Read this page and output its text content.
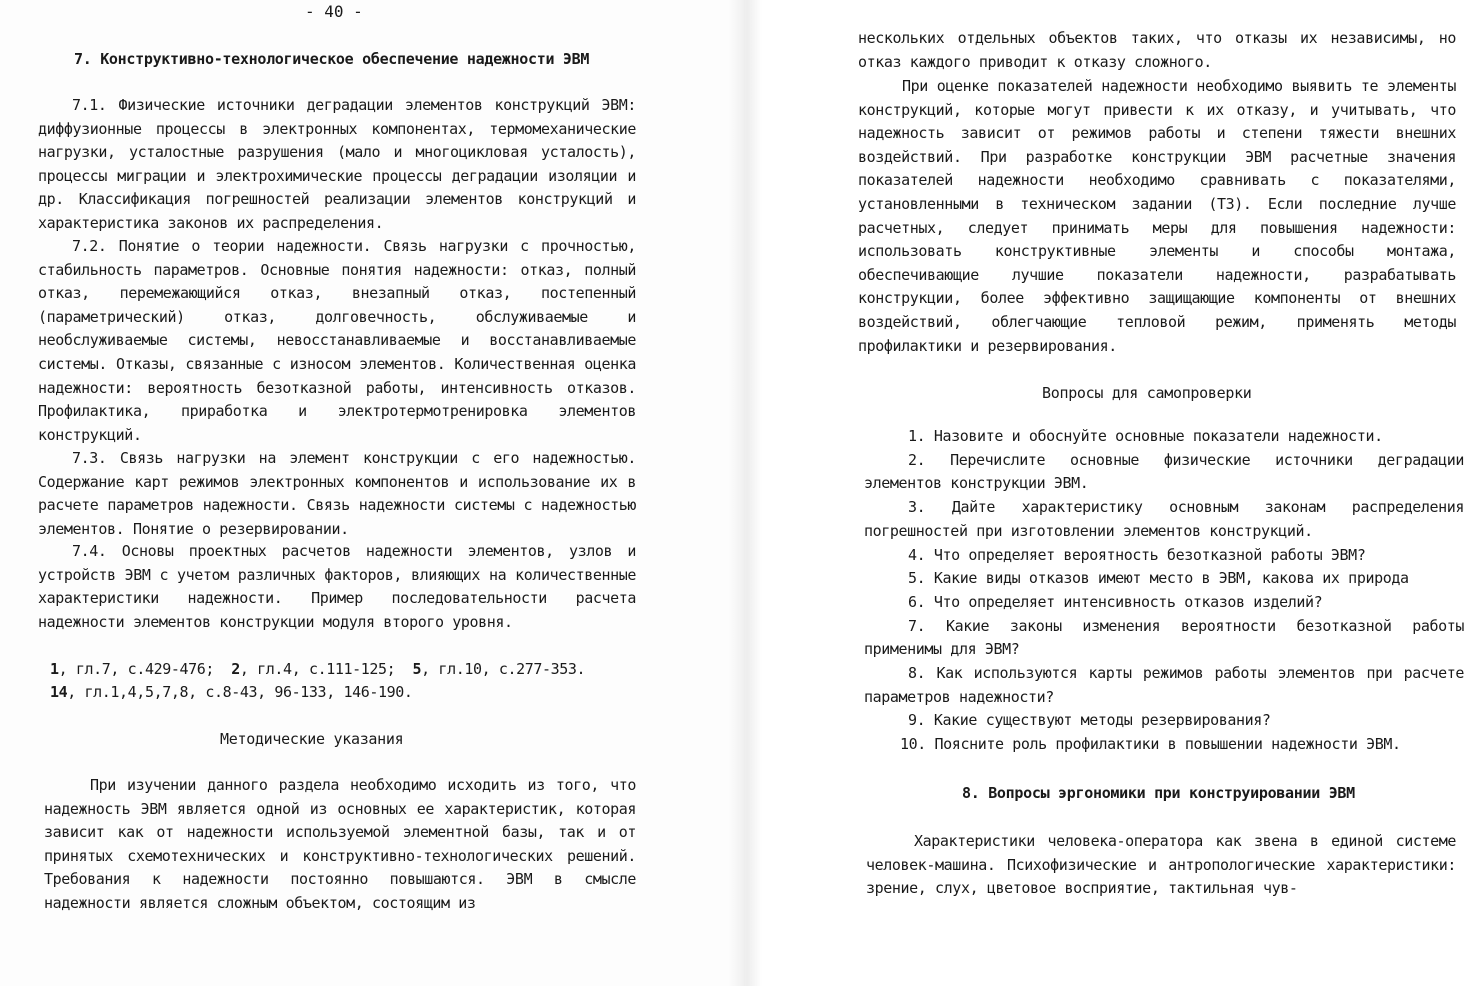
- 40 -
7. Конструктивно-технологическое обеспечение надежности ЭВМ
7.1. Физические источники деградации элементов конструкций ЭВМ: диффузионные процессы в электронных компонентах, термомеханические нагрузки, усталостные разрушения (мало и многоцикловая усталость), процессы миграции и электрохимические процессы деградации изоляции и др. Классификация погрешностей реализации элементов конструкций и характеристика законов их распределения.
7.2. Понятие о теории надежности. Связь нагрузки с прочностью, стабильность параметров. Основные понятия надежности: отказ, полный отказ, перемежающийся отказ, внезапный отказ, постепенный (параметрический) отказ, долговечность, обслуживаемые и необслуживаемые системы, невосстанавливаемые и восстанавливаемые системы. Отказы, связанные с износом элементов. Количественная оценка надежности: вероятность безотказной работы, интенсивность отказов. Профилактика, приработка и электротермотренировка элементов конструкций.
7.3. Связь нагрузки на элемент конструкции с его надежностью. Содержание карт режимов электронных компонентов и использование их в расчете параметров надежности. Связь надежности системы с надежностью элементов. Понятие о резервировании.
7.4. Основы проектных расчетов надежности элементов, узлов и устройств ЭВМ с учетом различных факторов, влияющих на количественные характеристики надежности. Пример последовательности расчета надежности элементов конструкции модуля второго уровня.
1, гл.7, с.429-476; 2, гл.4, с.111-125; 5, гл.10, с.277-353.
14, гл.1,4,5,7,8, с.8-43, 96-133, 146-190.
Методические указания
При изучении данного раздела необходимо исходить из того, что надежность ЭВМ является одной из основных ее характеристик, которая зависит как от надежности используемой элементной базы, так и от принятых схемотехнических и конструктивно-технологических решений. Требования к надежности постоянно повышаются. ЭВМ в смысле надежности является сложным объектом, состоящим из
нескольких отдельных объектов таких, что отказы их независимы, но отказ каждого приводит к отказу сложного.
При оценке показателей надежности необходимо выявить те элементы конструкций, которые могут привести к их отказу, и учитывать, что надежность зависит от режимов работы и степени тяжести внешних воздействий. При разработке конструкции ЭВМ расчетные значения показателей надежности необходимо сравнивать с показателями, установленными в техническом задании (ТЗ). Если последние лучше расчетных, следует принимать меры для повышения надежности: использовать конструктивные элементы и способы монтажа, обеспечивающие лучшие показатели надежности, разрабатывать конструкции, более эффективно защищающие компоненты от внешних воздействий, облегчающие тепловой режим, применять методы профилактики и резервирования.
Вопросы для самопроверки
1. Назовите и обоснуйте основные показатели надежности.
2. Перечислите основные физические источники деградации элементов конструкции ЭВМ.
3. Дайте характеристику основным законам распределения погрешностей при изготовлении элементов конструкций.
4. Что определяет вероятность безотказной работы ЭВМ?
5. Какие виды отказов имеют место в ЭВМ, какова их природа
6. Что определяет интенсивность отказов изделий?
7. Какие законы изменения вероятности безотказной работы применимы для ЭВМ?
8. Как используются карты режимов работы элементов при расчете параметров надежности?
9. Какие существуют методы резервирования?
10. Поясните роль профилактики в повышении надежности ЭВМ.
8. Вопросы эргономики при конструировании ЭВМ
Характеристики человека-оператора как звена в единой системе человек-машина. Психофизические и антропологические характеристики: зрение, слух, цветовое восприятие, тактильная чув-
